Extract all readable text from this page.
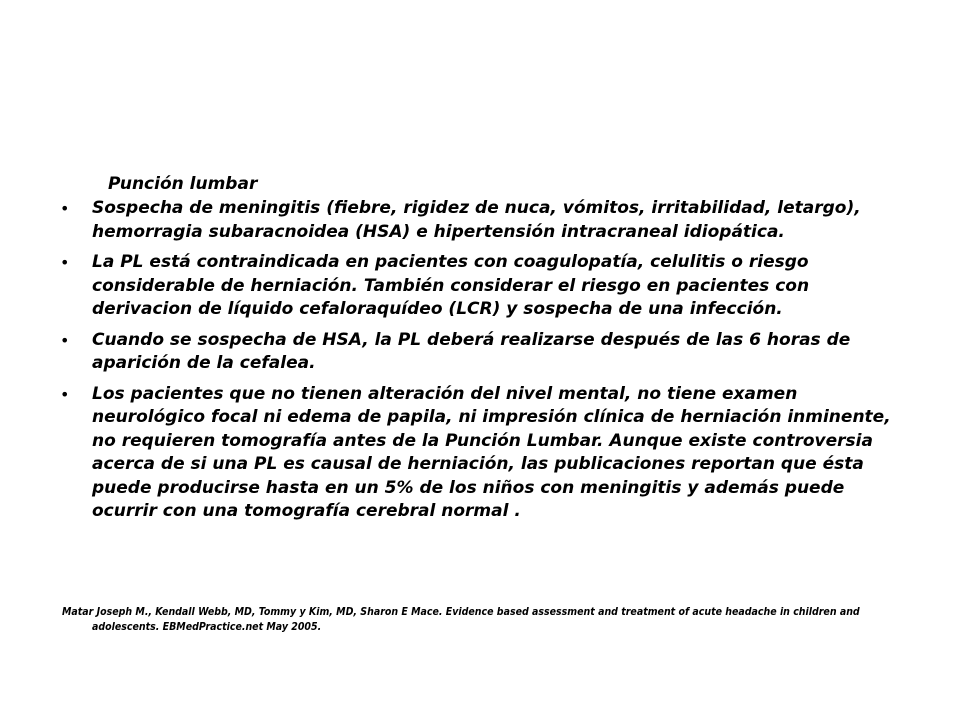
Punción lumbar
• Sospecha de meningitis (fiebre, rigidez de nuca, vómitos, irritabilidad, letargo), hemorragia subaracnoidea (HSA) e hipertensión intracraneal idiopática.
• La PL está contraindicada en pacientes con coagulopatía, celulitis o riesgo considerable de herniación. También considerar el riesgo en pacientes con derivacion de líquido cefaloraquídeo (LCR) y sospecha de una infección.
• Cuando se sospecha de HSA, la PL deberá realizarse después de las 6 horas de aparición de la cefalea.
• Los pacientes que no tienen alteración del nivel mental, no tiene examen neurológico focal ni edema de papila, ni impresión clínica de herniación inminente, no requieren tomografía antes de la Punción Lumbar. Aunque existe controversia acerca de si una PL es causal de herniación, las publicaciones reportan que ésta puede producirse hasta en un 5% de los niños con meningitis y además puede ocurrir con una tomografía cerebral normal .
Matar Joseph M., Kendall Webb, MD, Tommy y Kim, MD, Sharon E Mace. Evidence based assessment and treatment of acute headache in children and adolescents. EBMedPractice.net May 2005.
